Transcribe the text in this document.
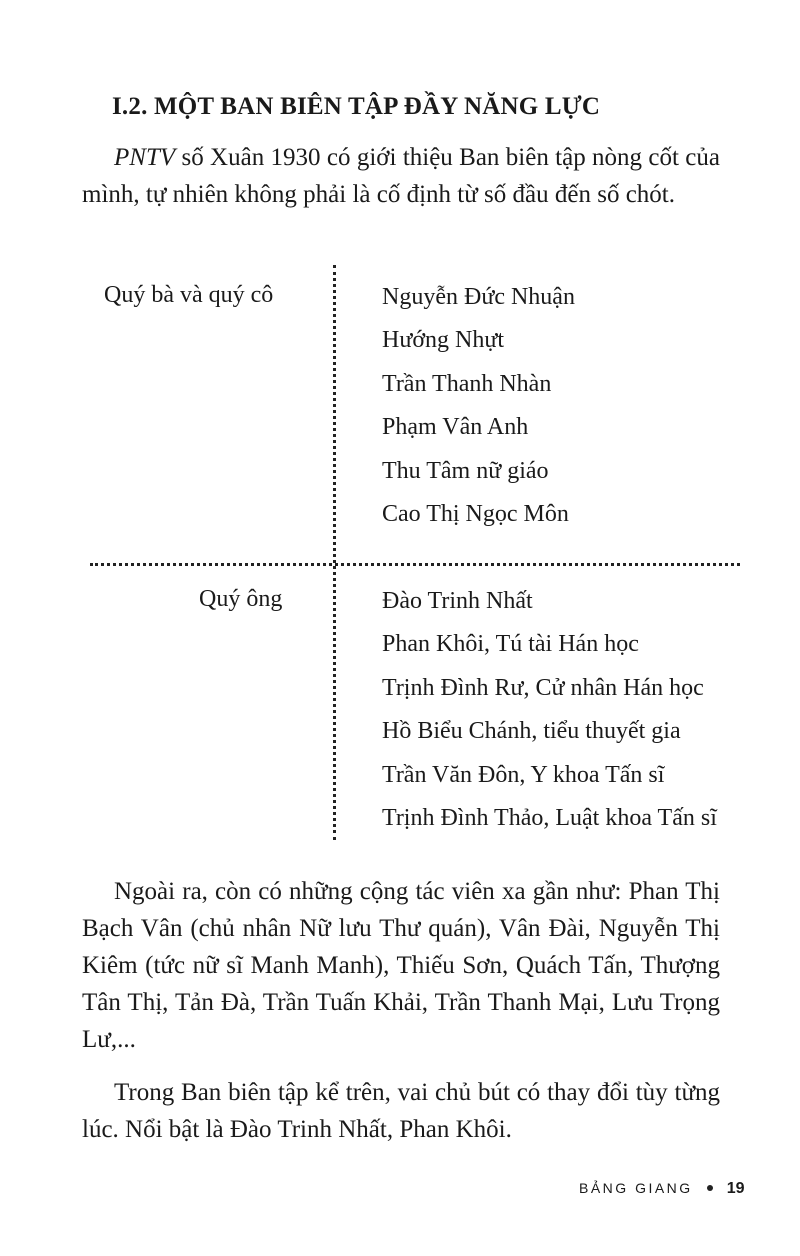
I.2. MỘT BAN BIÊN TẬP ĐẦY NĂNG LỰC

PNTV số Xuân 1930 có giới thiệu Ban biên tập nòng cốt của mình, tự nhiên không phải là cố định từ số đầu đến số chót.

Quý bà và quý cô	Nguyễn Đức Nhuận
Hướng Nhựt
Trần Thanh Nhàn
Phạm Vân Anh
Thu Tâm nữ giáo
Cao Thị Ngọc Môn
Quý ông	Đào Trinh Nhất
Phan Khôi, Tú tài Hán học
Trịnh Đình Rư, Cử nhân Hán học
Hồ Biểu Chánh, tiểu thuyết gia
Trần Văn Đôn, Y khoa Tấn sĩ
Trịnh Đình Thảo, Luật khoa Tấn sĩ

Ngoài ra, còn có những cộng tác viên xa gần như: Phan Thị Bạch Vân (chủ nhân Nữ lưu Thư quán), Vân Đài, Nguyễn Thị Kiêm (tức nữ sĩ Manh Manh), Thiếu Sơn, Quách Tấn, Thượng Tân Thị, Tản Đà, Trần Tuấn Khải, Trần Thanh Mại, Lưu Trọng Lư,...

Trong Ban biên tập kể trên, vai chủ bút có thay đổi tùy từng lúc. Nổi bật là Đào Trinh Nhất, Phan Khôi.

BẢNG GIANG 19
